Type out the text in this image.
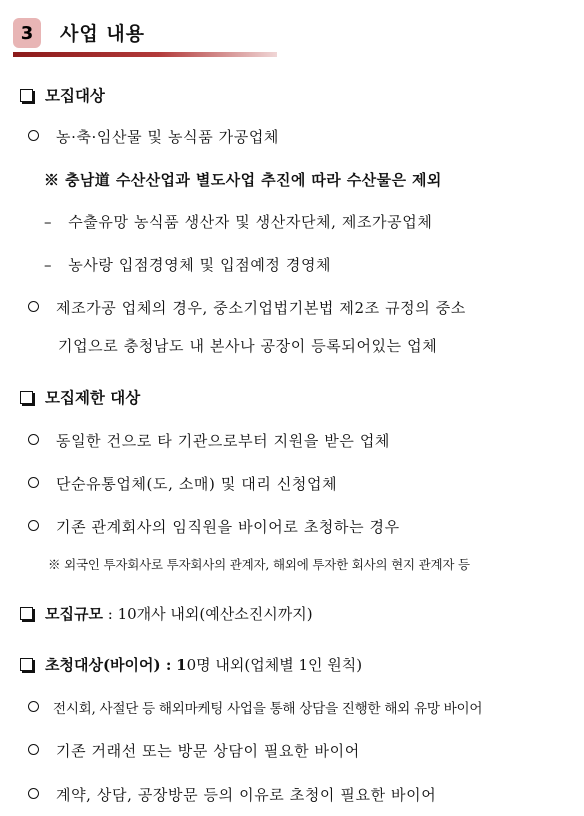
3	사업 내용
모집대상
농·축·임산물 및 농식품 가공업체
※ 충남道 수산산업과 별도사업 추진에 따라 수산물은 제외
–   수출유망 농식품 생산자 및 생산자단체, 제조가공업체
–   농사랑 입점경영체 및 입점예정 경영체
제조가공 업체의 경우, 중소기업법기본법 제2조 규정의 중소
기업으로 충청남도 내 본사나 공장이 등록되어있는 업체
모집제한 대상
동일한 건으로 타 기관으로부터 지원을 받은 업체
단순유통업체(도, 소매) 및 대리 신청업체
기존 관계회사의 임직원을 바이어로 초청하는 경우
※ 외국인 투자회사로 투자회사의 관계자, 해외에 투자한 회사의 현지 관계자 등
모집규모 : 10개사 내외(예산소진시까지)
초청대상(바이어) : 10명 내외(업체별 1인 원칙)
전시회, 사절단 등 해외마케팅 사업을 통해 상담을 진행한 해외 유망 바이어
기존 거래선 또는 방문 상담이 필요한 바이어
계약, 상담, 공장방문 등의 이유로 초청이 필요한 바이어
